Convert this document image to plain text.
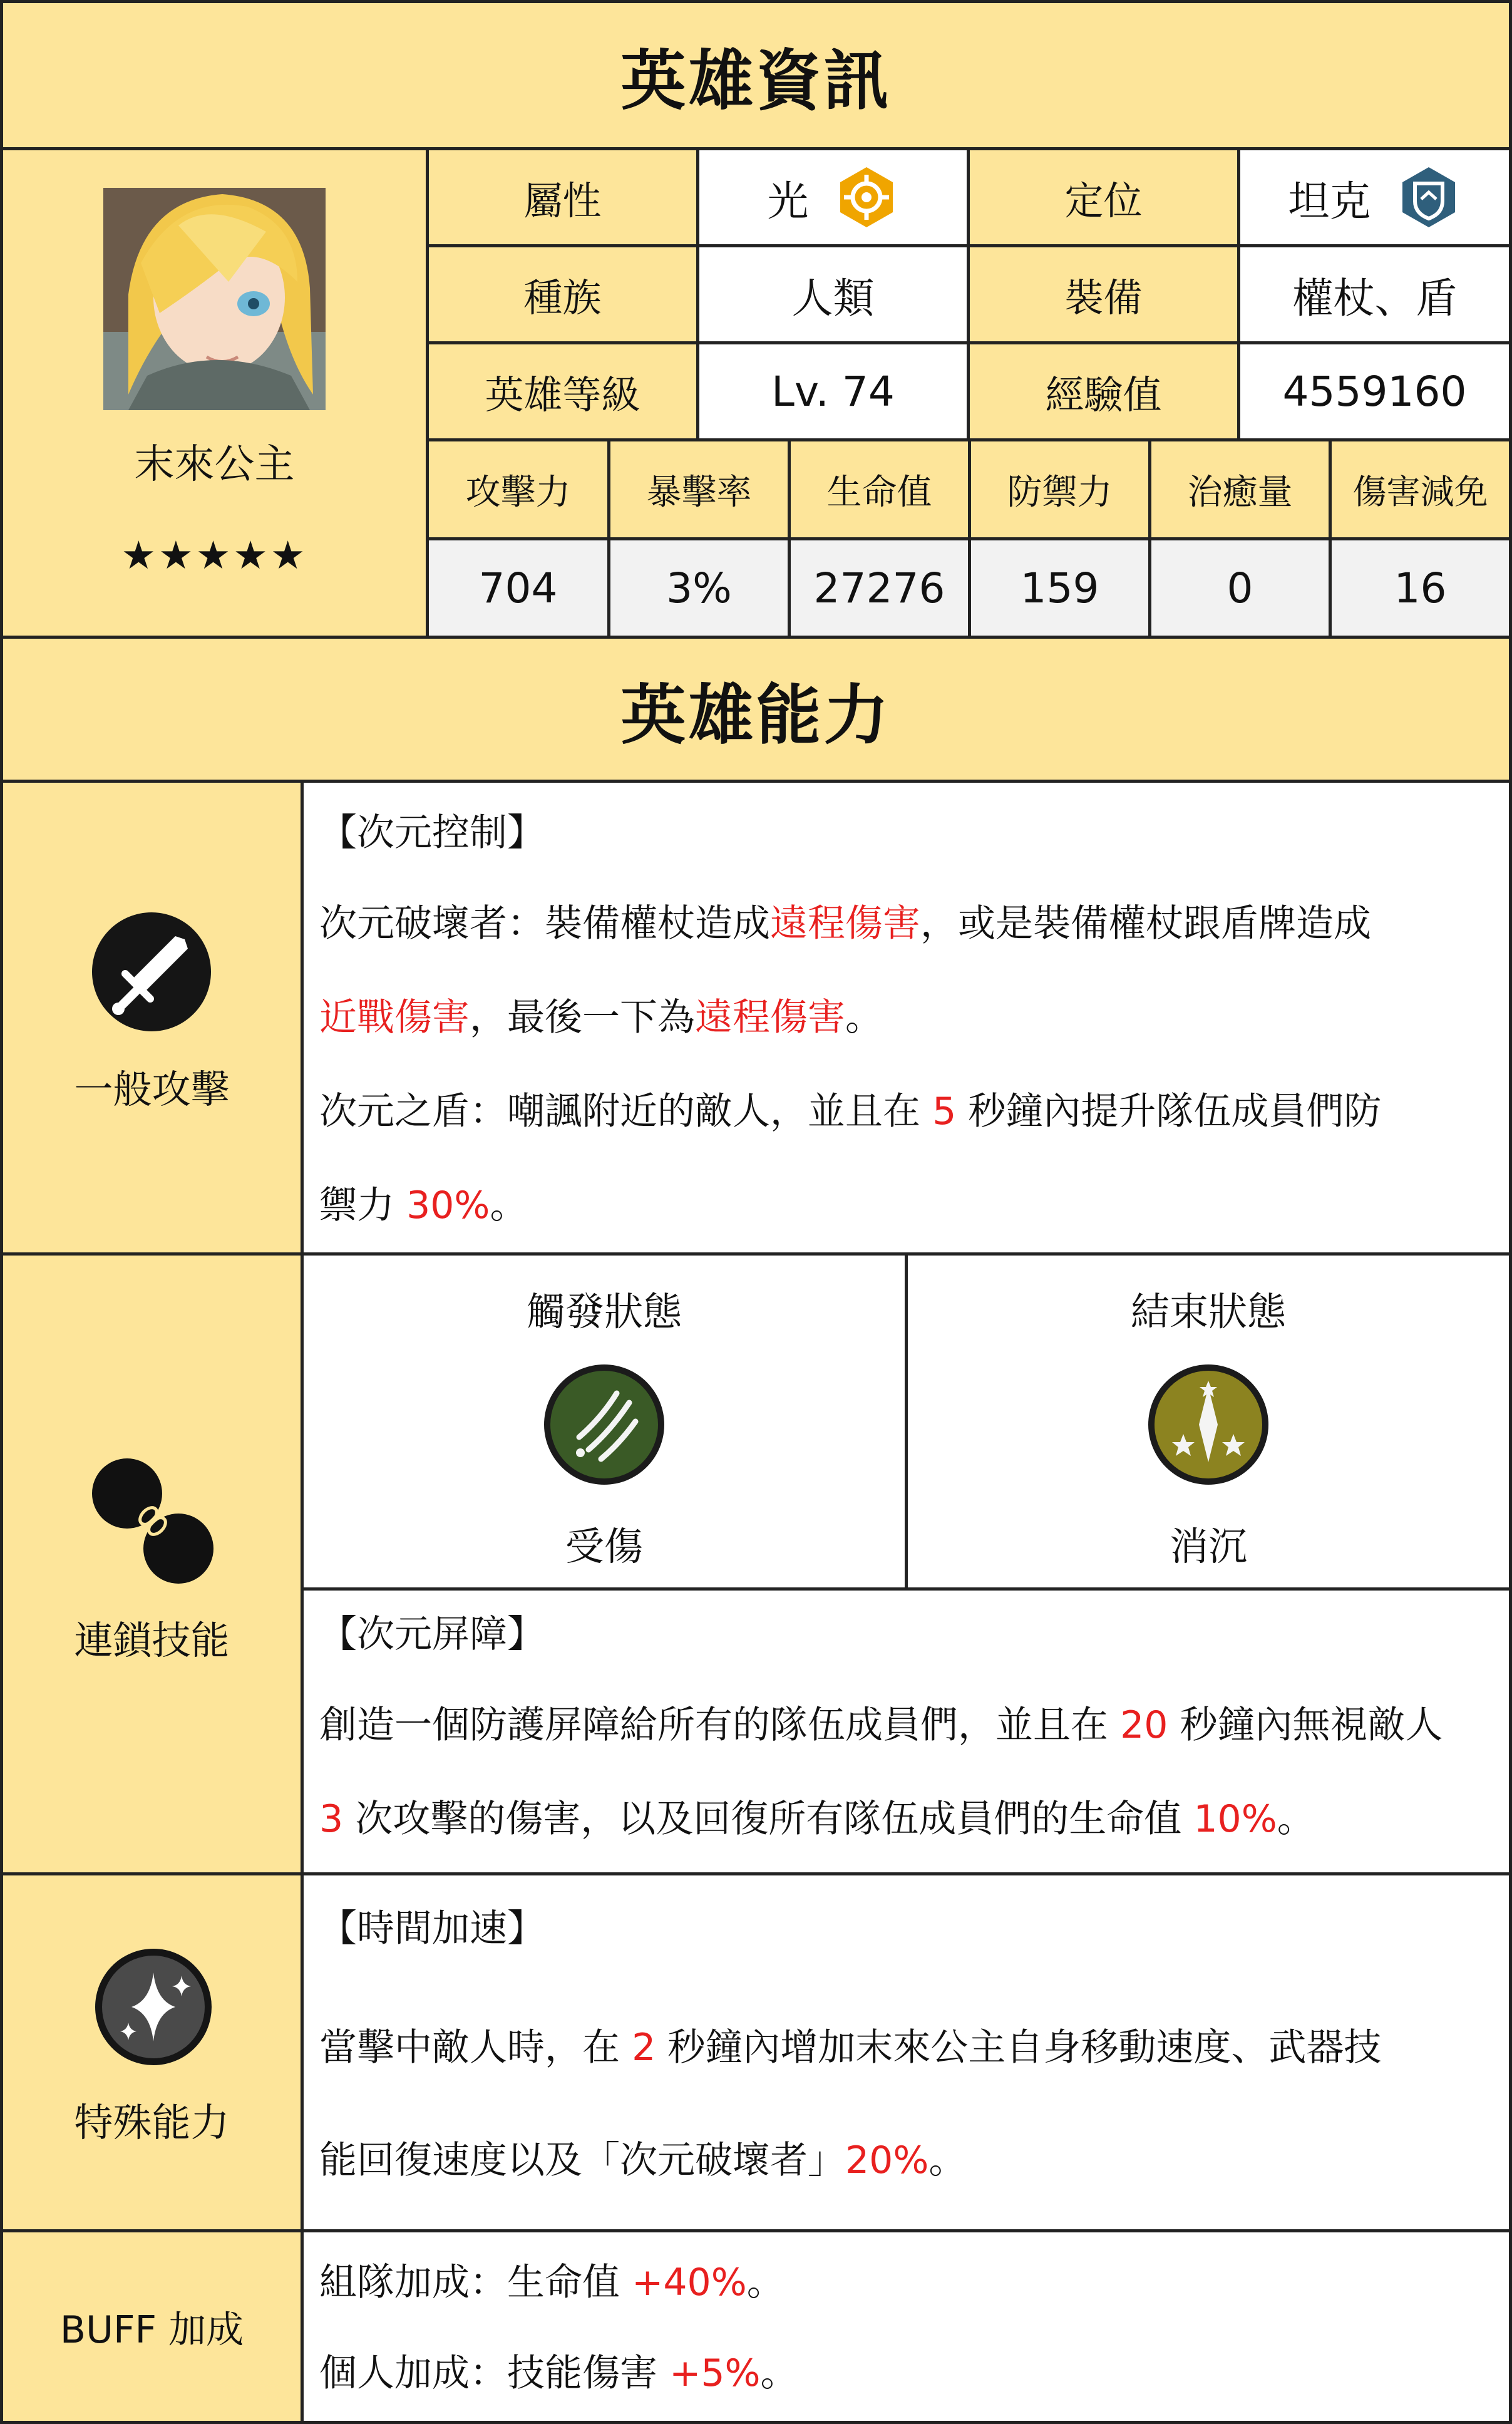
英雄資訊
末來公主
★★★★★
屬性	光	定位	坦克
種族	人類	裝備	權杖、盾
英雄等級	Lv. 74	經驗值	4559160
攻擊力	暴擊率	生命值	防禦力	治癒量	傷害減免
704	3%	27276	159	0	16
英雄能力
一般攻擊
【次元控制】
次元破壞者：裝備權杖造成遠程傷害，或是裝備權杖跟盾牌造成
近戰傷害，最後一下為遠程傷害。
次元之盾：嘲諷附近的敵人，並且在 5 秒鐘內提升隊伍成員們防
禦力 30%。
連鎖技能
觸發狀態
受傷
結束狀態
消沉
【次元屏障】
創造一個防護屏障給所有的隊伍成員們，並且在 20 秒鐘內無視敵人
3 次攻擊的傷害，以及回復所有隊伍成員們的生命值 10%。
特殊能力
【時間加速】
當擊中敵人時，在 2 秒鐘內增加末來公主自身移動速度、武器技
能回復速度以及「次元破壞者」20%。
BUFF 加成
組隊加成：生命值 +40%。
個人加成：技能傷害 +5%。
